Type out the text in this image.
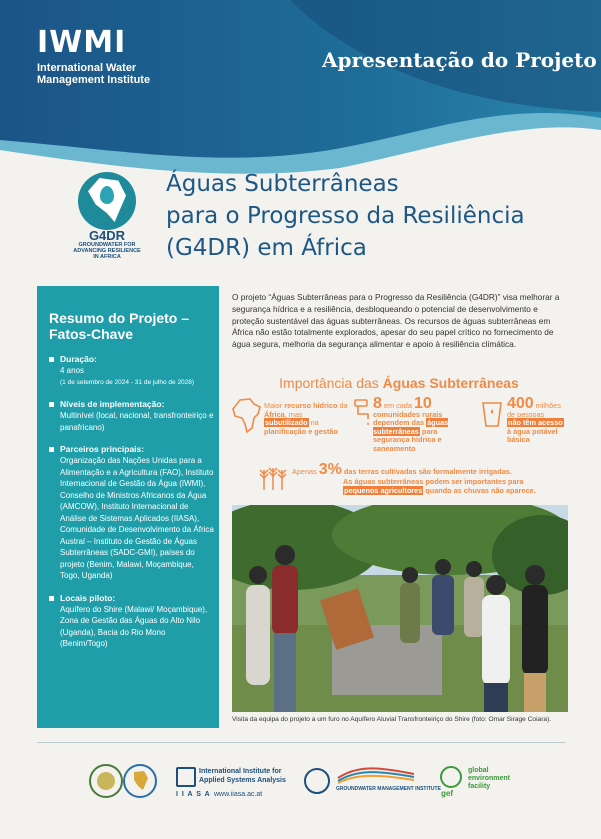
IWMI
International Water
Management Institute
Apresentação do Projeto
G4DR
GROUNDWATER FOR
ADVANCING RESILIENCE
IN AFRICA
Águas Subterrâneas
para o Progresso da Resiliência
(G4DR) em África
Resumo do Projeto – Fatos-Chave
Duração:
4 anos
(1 de setembro de 2024 - 31 de julho de 2028)
Níveis de implementação:
Multinível (local, nacional, transfronteiriço e panafricano)
Parceiros principais:
Organização das Nações Unidas para a Alimentação e a Agricultura (FAO), Instituto Internacional de Gestão da Água (IWMI), Conselho de Ministros Africanos da Água (AMCOW), Instituto Internacional de Análise de Sistemas Aplicados (IIASA), Comunidade de Desenvolvimento da África Austral – Instituto de Gestão de Águas Subterrâneas (SADC-GMI), países do projeto (Benim, Malawi, Moçambique, Togo, Uganda)
Locais piloto:
Aquífero do Shire (Malawi/ Moçambique), Zona de Gestão das Águas do Alto Nilo (Uganda), Bacia do Rio Mono (Benim/Togo)
O projeto “Águas Subterrâneas para o Progresso da Resiliência (G4DR)” visa melhorar a segurança hídrica e a resiliência, desbloqueando o potencial de desenvolvimento e proteção sustentável das águas subterrâneas. Os recursos de águas subterrâneas em África não estão totalmente explorados, apesar do seu papel crítico no fornecimento de água segura, melhoria da segurança alimentar e apoio à resiliência climática.
Importância das Águas Subterrâneas
Maior recurso hídrico da África, mas
subutilizado na
planificação e gestão
8 em cada 10
comunidades rurais
dependem das águas subterrâneas para segurança hídrica e saneamento
400 milhões de pessoas
não têm acesso
à água potável básica
Apenas 3% das terras cultivadas são formalmente irrigadas.
As águas subterrâneas podem ser importantes para
pequenos agricultores quando as chuvas não aparece.
Visita da equipa do projeto a um furo no Aquífero Aluvial Transfronteiriço do Shire (foto: Omar Sirage Coiara).
International Institute for
Applied Systems Analysis
I I A S A www.iiasa.ac.at
GROUNDWATER MANAGEMENT INSTITUTE gef
global
environment
facility
